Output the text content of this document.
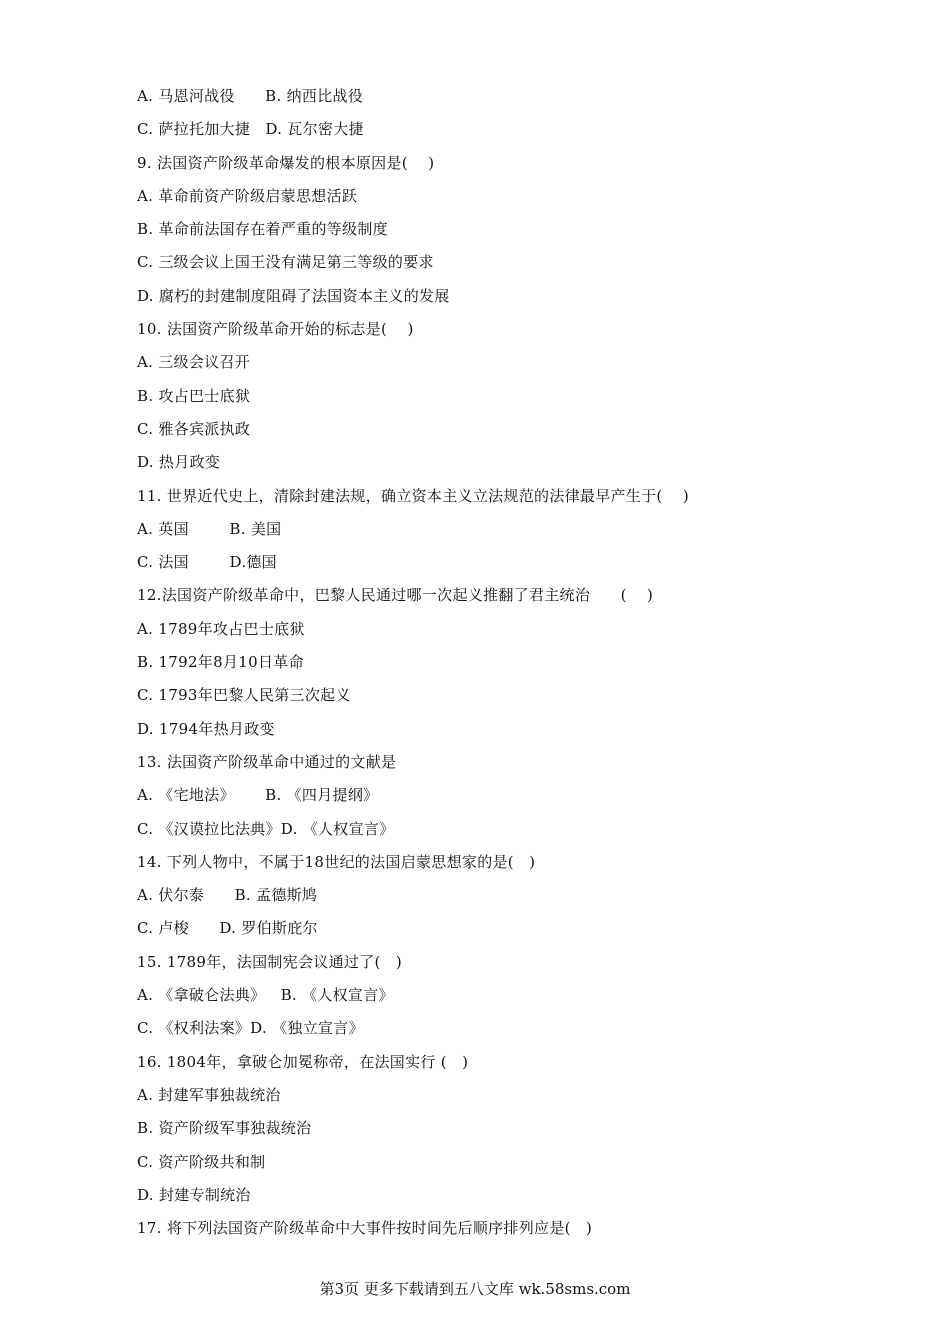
A. 马恩河战役      B. 纳西比战役
C. 萨拉托加大捷   D. 瓦尔密大捷
9. 法国资产阶级革命爆发的根本原因是(    )
A. 革命前资产阶级启蒙思想活跃
B. 革命前法国存在着严重的等级制度
C. 三级会议上国王没有满足第三等级的要求
D. 腐朽的封建制度阻碍了法国资本主义的发展
10. 法国资产阶级革命开始的标志是(    )
A. 三级会议召开
B. 攻占巴士底狱
C. 雅各宾派执政
D. 热月政变
11. 世界近代史上，清除封建法规，确立资本主义立法规范的法律最早产生于(    )
A. 英国        B. 美国
C. 法国        D.德国
12.法国资产阶级革命中，巴黎人民通过哪一次起义推翻了君主统治      (    )
A. 1789年攻占巴士底狱
B. 1792年8月10日革命
C. 1793年巴黎人民第三次起义
D. 1794年热月政变
13. 法国资产阶级革命中通过的文献是
A. 《宅地法》      B. 《四月提纲》
C. 《汉谟拉比法典》D. 《人权宣言》
14. 下列人物中，不属于18世纪的法国启蒙思想家的是(   )
A. 伏尔泰      B. 孟德斯鸠
C. 卢梭      D. 罗伯斯庇尔
15. 1789年，法国制宪会议通过了(   )
A. 《拿破仑法典》   B. 《人权宣言》
C. 《权利法案》D. 《独立宣言》
16. 1804年，拿破仑加冕称帝，在法国实行 (   )
A. 封建军事独裁统治
B. 资产阶级军事独裁统治
C. 资产阶级共和制
D. 封建专制统治
17. 将下列法国资产阶级革命中大事件按时间先后顺序排列应是(   )
第3页 更多下载请到五八文库 wk.58sms.com
